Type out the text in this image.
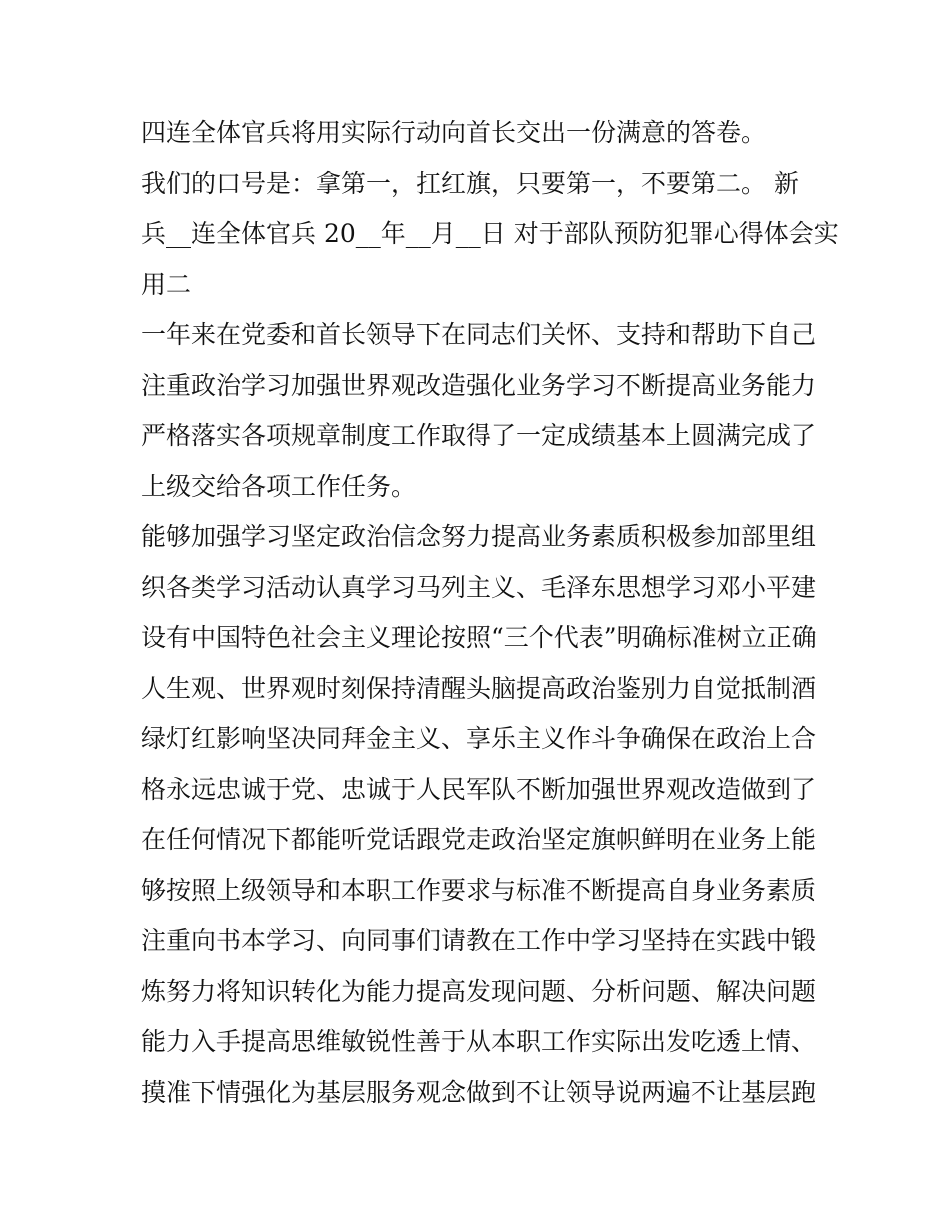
四连全体官兵将用实际行动向首长交出一份满意的答卷。
我们的口号是：拿第一，扛红旗，只要第一，不要第二。 新
兵__连全体官兵 20__年__月__日 对于部队预防犯罪心得体会实
用二
一年来在党委和首长领导下在同志们关怀、支持和帮助下自己
注重政治学习加强世界观改造强化业务学习不断提高业务能力
严格落实各项规章制度工作取得了一定成绩基本上圆满完成了
上级交给各项工作任务。
能够加强学习坚定政治信念努力提高业务素质积极参加部里组
织各类学习活动认真学习马列主义、毛泽东思想学习邓小平建
设有中国特色社会主义理论按照“三个代表”明确标准树立正确
人生观、世界观时刻保持清醒头脑提高政治鉴别力自觉抵制酒
绿灯红影响坚决同拜金主义、享乐主义作斗争确保在政治上合
格永远忠诚于党、忠诚于人民军队不断加强世界观改造做到了
在任何情况下都能听党话跟党走政治坚定旗帜鲜明在业务上能
够按照上级领导和本职工作要求与标准不断提高自身业务素质
注重向书本学习、向同事们请教在工作中学习坚持在实践中锻
炼努力将知识转化为能力提高发现问题、分析问题、解决问题
能力入手提高思维敏锐性善于从本职工作实际出发吃透上情、
摸准下情强化为基层服务观念做到不让领导说两遍不让基层跑
